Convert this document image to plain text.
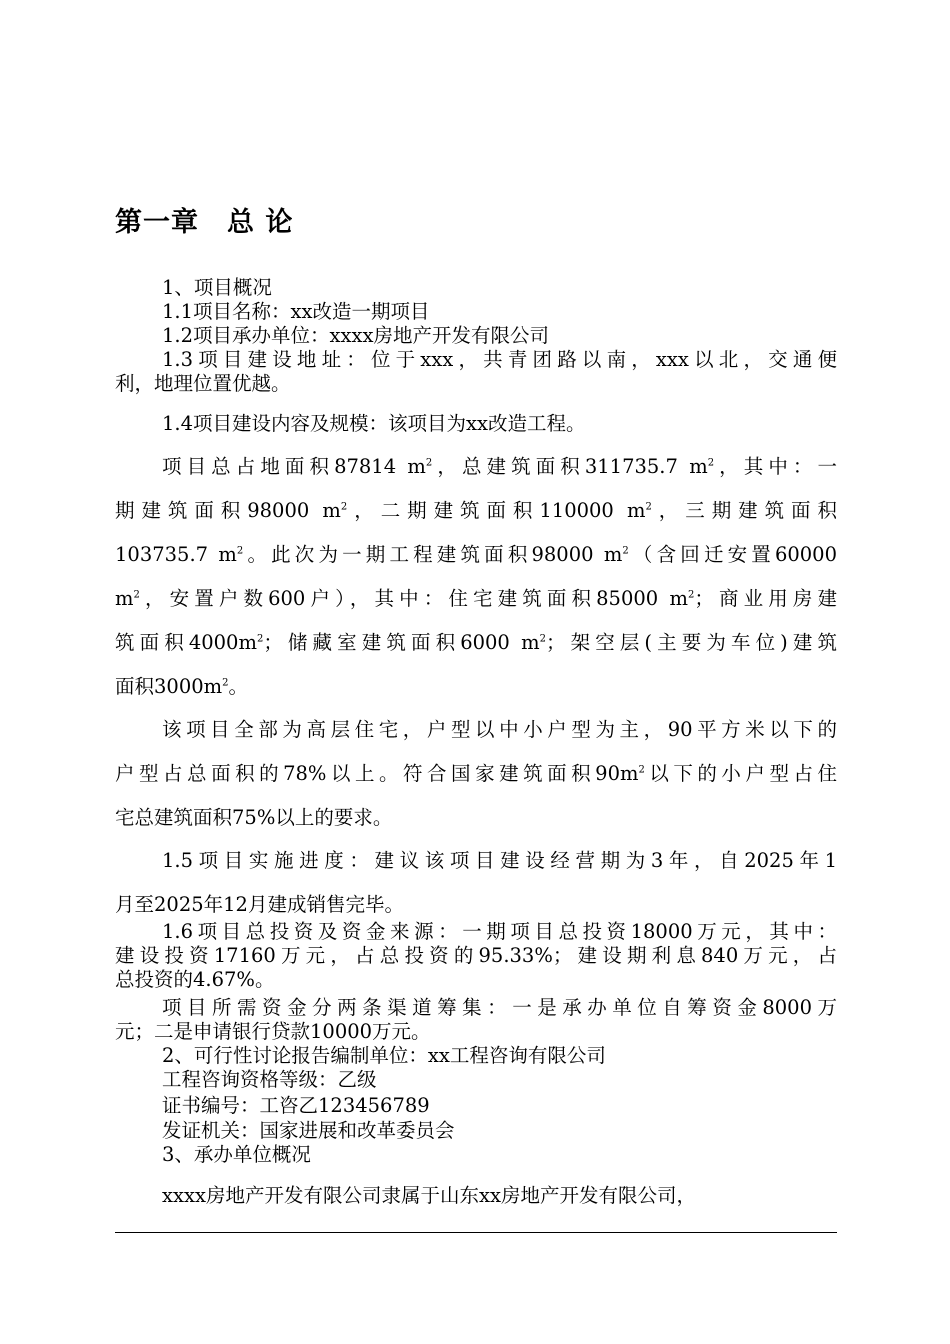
第一章　总 论
1、项目概况
1.1项目名称：xx改造一期项目
1.2项目承办单位：xxxx房地产开发有限公司
1.3项目建设地址：位于xxx，共青团路以南，xxx以北，交通便
利，地理位置优越。
1.4项目建设内容及规模：该项目为xx改造工程。
项目总占地面积87814 $m^2$，总建筑面积311735.7 $m^2$，其中：一
期建筑面积98000 $m^2$，二期建筑面积110000 $m^2$，三期建筑面积
103735.7 $m^2$。此次为一期工程建筑面积98000 $m^2$（含回迁安置60000
$m^2$，安置户数600户），其中：住宅建筑面积85000 $m^2$；商业用房建
筑面积$4000m^2$；储藏室建筑面积6000 $m^2$；架空层(主要为车位)建筑
面积$3000m^2$。
该项目全部为高层住宅，户型以中小户型为主，90平方米以下的
户型占总面积的78%以上。符合国家建筑面积$90m^2$以下的小户型占住
宅总建筑面积75%以上的要求。
1.5项目实施进度：建议该项目建设经营期为3年，自2025年1
月至2025年12月建成销售完毕。
1.6项目总投资及资金来源：一期项目总投资18000万元，其中：
建设投资17160万元，占总投资的95.33%；建设期利息840万元，占
总投资的4.67%。
项目所需资金分两条渠道筹集：一是承办单位自筹资金8000万
元；二是申请银行贷款10000万元。
2、可行性讨论报告编制单位：xx工程咨询有限公司
工程咨询资格等级：乙级
证书编号：工咨乙123456789
发证机关：国家进展和改革委员会
3、承办单位概况
xxxx房地产开发有限公司隶属于山东xx房地产开发有限公司，
